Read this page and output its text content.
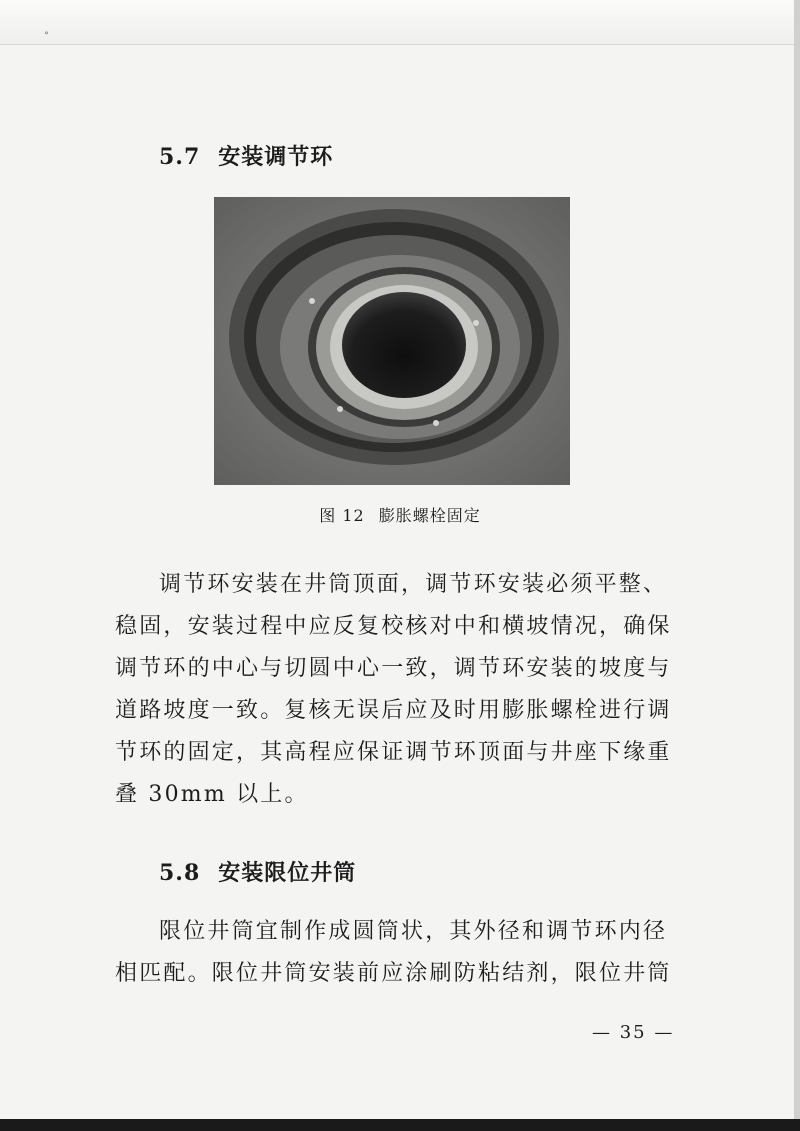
∘
5.7 安装调节环
图 12 膨胀螺栓固定

调节环安装在井筒顶面，调节环安装必须平整、稳固，安装过程中应反复校核对中和横坡情况，确保调节环的中心与切圆中心一致，调节环安装的坡度与道路坡度一致。复核无误后应及时用膨胀螺栓进行调节环的固定，其高程应保证调节环顶面与井座下缘重叠 30mm 以上。

5.8 安装限位井筒

限位井筒宜制作成圆筒状，其外径和调节环内径相匹配。限位井筒安装前应涂刷防粘结剂，限位井筒

— 35 —
